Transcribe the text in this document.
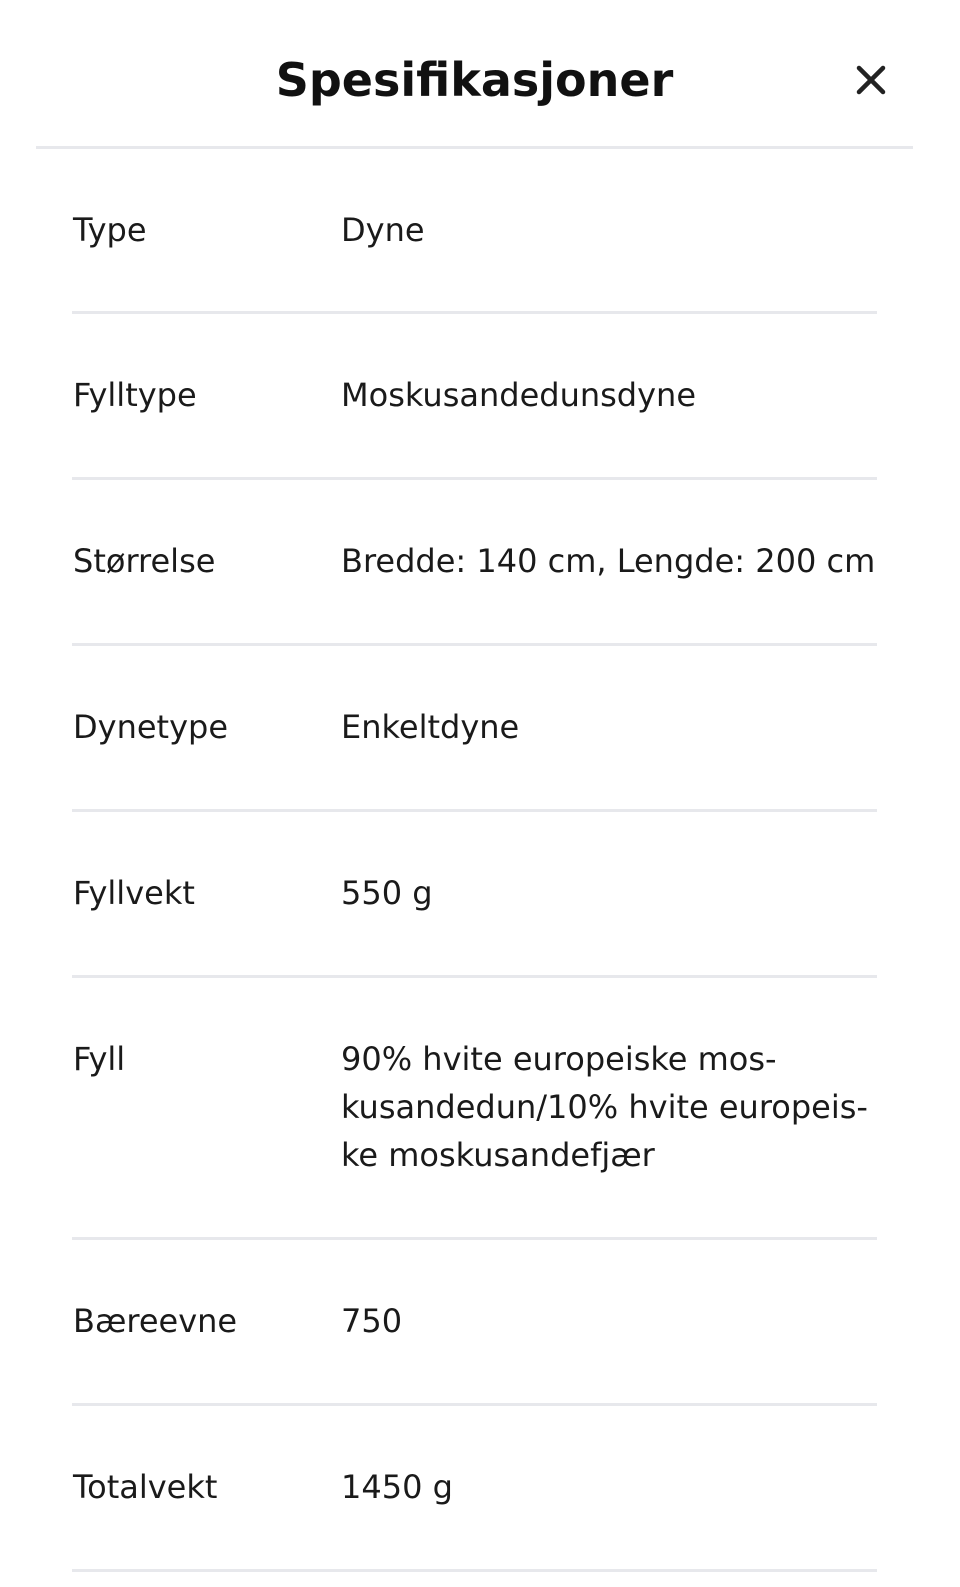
Spesifikasjoner
Type	Dyne
Fylltype	Moskusandedunsdyne
Størrelse	Bredde: 140 cm, Lengde: 200 cm
Dynetype	Enkeltdyne
Fyllvekt	550 g
Fyll	90% hvite europeiske mos-
kusandedun/10% hvite europeis-
ke moskusandefjær
Bæreevne	750
Totalvekt	1450 g
